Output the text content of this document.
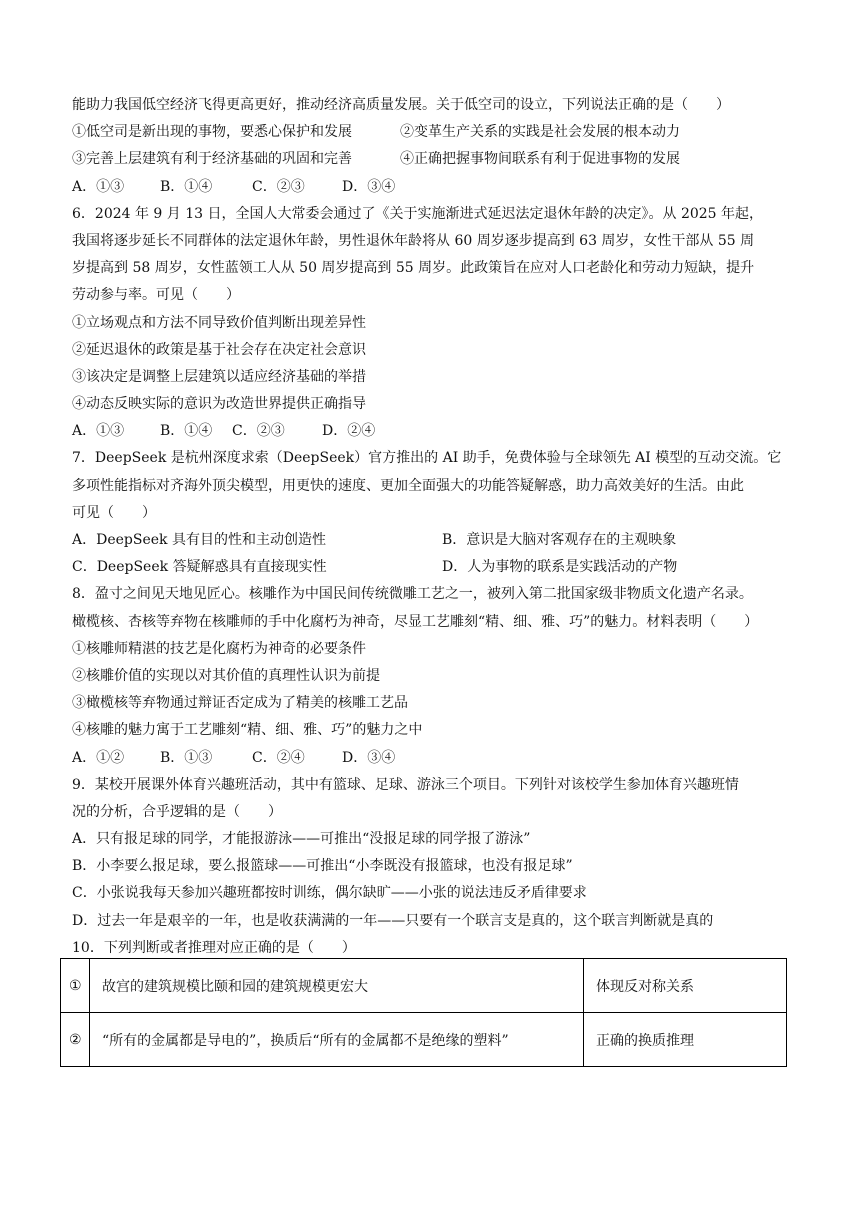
能助力我国低空经济飞得更高更好，推动经济高质量发展。关于低空司的设立，下列说法正确的是（　　）
①低空司是新出现的事物，要悉心保护和发展	②变革生产关系的实践是社会发展的根本动力
③完善上层建筑有利于经济基础的巩固和完善	④正确把握事物间联系有利于促进事物的发展
A．①③	B．①④	C．②③	D．③④
6．2024 年 9 月 13 日，全国人大常委会通过了《关于实施渐进式延迟法定退休年龄的决定》。从 2025 年起，
我国将逐步延长不同群体的法定退休年龄，男性退休年龄将从 60 周岁逐步提高到 63 周岁，女性干部从 55 周
岁提高到 58 周岁，女性蓝领工人从 50 周岁提高到 55 周岁。此政策旨在应对人口老龄化和劳动力短缺，提升
劳动参与率。可见（　　）
①立场观点和方法不同导致价值判断出现差异性
②延迟退休的政策是基于社会存在决定社会意识
③该决定是调整上层建筑以适应经济基础的举措
④动态反映实际的意识为改造世界提供正确指导
A．①③	B．①④ C．②③	D．②④
7．DeepSeek 是杭州深度求索（DeepSeek）官方推出的 AI 助手，免费体验与全球领先 AI 模型的互动交流。它
多项性能指标对齐海外顶尖模型，用更快的速度、更加全面强大的功能答疑解惑，助力高效美好的生活。由此
可见（　　）
A．DeepSeek 具有目的性和主动创造性	B．意识是大脑对客观存在的主观映象
C．DeepSeek 答疑解惑具有直接现实性	D．人为事物的联系是实践活动的产物
8．盈寸之间见天地见匠心。核雕作为中国民间传统微雕工艺之一，被列入第二批国家级非物质文化遗产名录。
橄榄核、杏核等弃物在核雕师的手中化腐朽为神奇，尽显工艺雕刻“精、细、雅、巧”的魅力。材料表明（　　）
①核雕师精湛的技艺是化腐朽为神奇的必要条件
②核雕价值的实现以对其价值的真理性认识为前提
③橄榄核等弃物通过辩证否定成为了精美的核雕工艺品
④核雕的魅力寓于工艺雕刻“精、细、雅、巧”的魅力之中
A．①②	B．①③	C．②④	D．③④
9．某校开展课外体育兴趣班活动，其中有篮球、足球、游泳三个项目。下列针对该校学生参加体育兴趣班情
况的分析，合乎逻辑的是（　　）
A．只有报足球的同学，才能报游泳——可推出“没报足球的同学报了游泳”
B．小李要么报足球，要么报篮球——可推出“小李既没有报篮球，也没有报足球”
C．小张说我每天参加兴趣班都按时训练，偶尔缺旷——小张的说法违反矛盾律要求
D．过去一年是艰辛的一年，也是收获满满的一年——只要有一个联言支是真的，这个联言判断就是真的
10．下列判断或者推理对应正确的是（　　）
①	故宫的建筑规模比颐和园的建筑规模更宏大	体现反对称关系
②	“所有的金属都是导电的”，换质后“所有的金属都不是绝缘的塑料”	正确的换质推理
